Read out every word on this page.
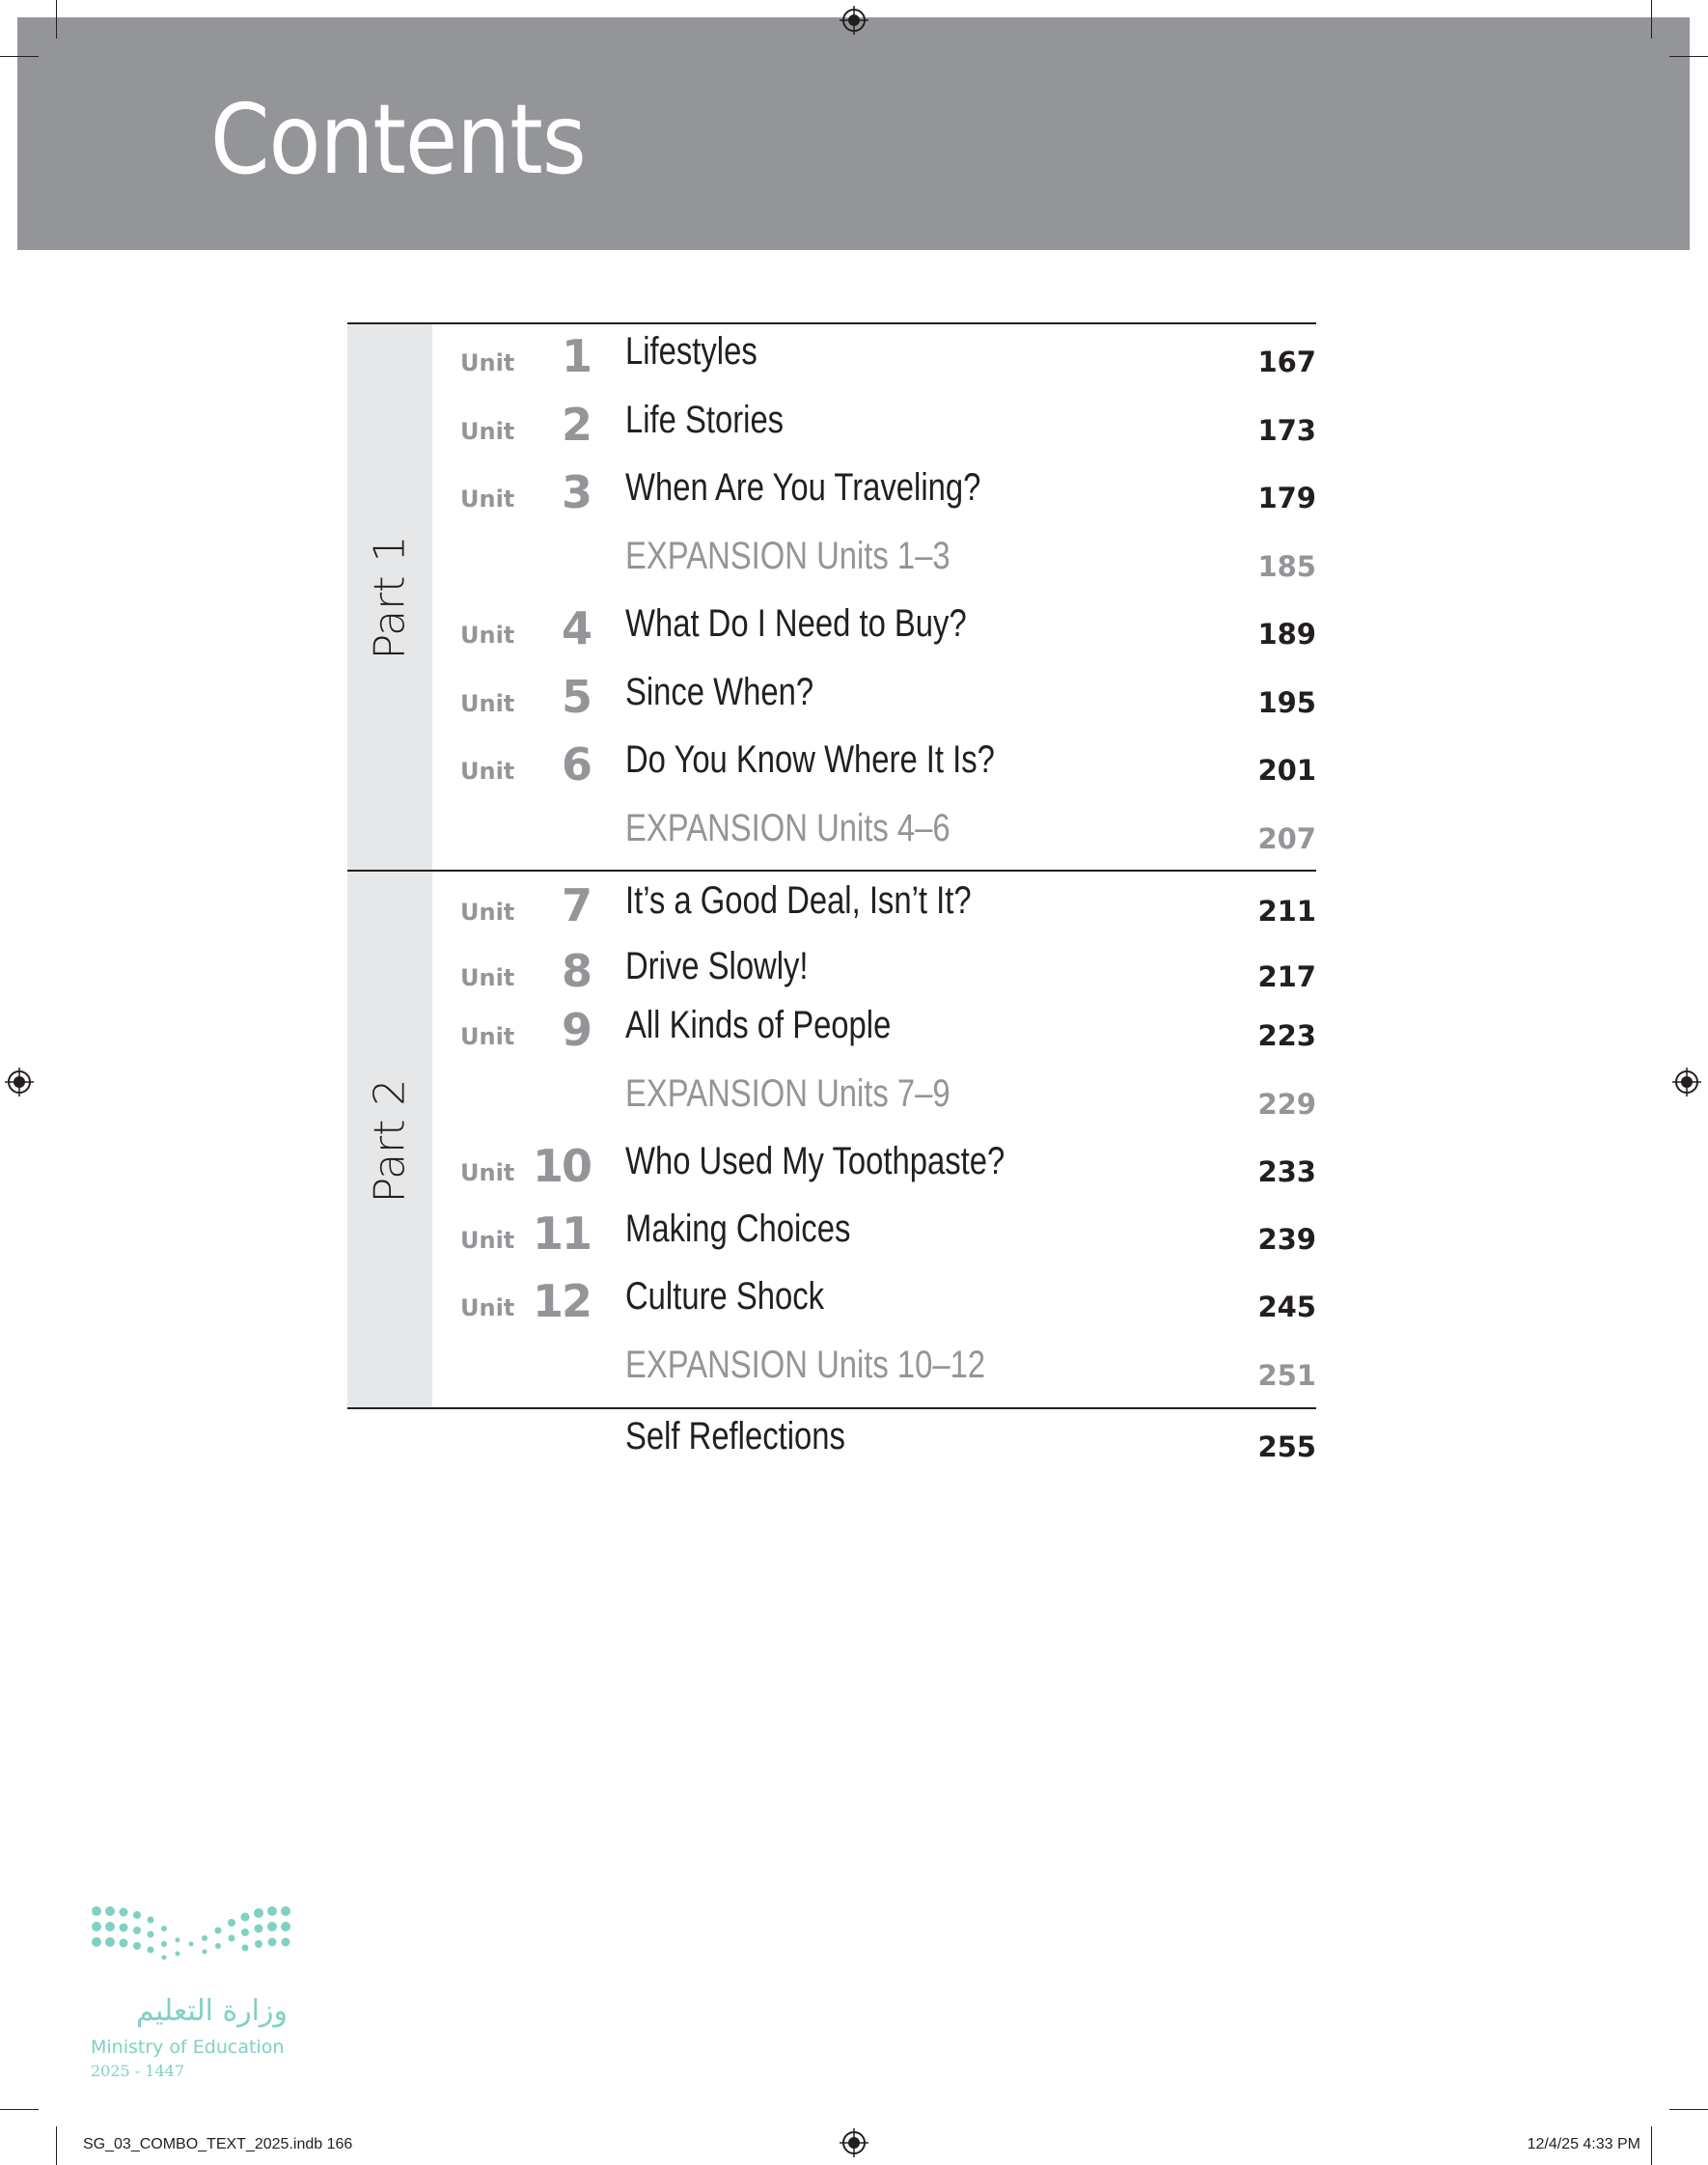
Contents
Part 1
Unit 1 Lifestyles	167
Unit 2 Life Stories	173
Unit 3 When Are You Traveling?	179
EXPANSION Units 1–3	185
Unit 4 What Do I Need to Buy?	189
Unit 5 Since When?	195
Unit 6 Do You Know Where It Is?	201
EXPANSION Units 4–6	207
Part 2
Unit 7 It’s a Good Deal, Isn’t It?	211
Unit 8 Drive Slowly!	217
Unit 9 All Kinds of People	223
EXPANSION Units 7–9	229
Unit 10 Who Used My Toothpaste?	233
Unit 11 Making Choices	239
Unit 12 Culture Shock	245
EXPANSION Units 10–12	251
Self Reflections	255
وزارة التعليم
Ministry of Education
2025 - 1447
SG_03_COMBO_TEXT_2025.indb 166	12/4/25 4:33 PM
